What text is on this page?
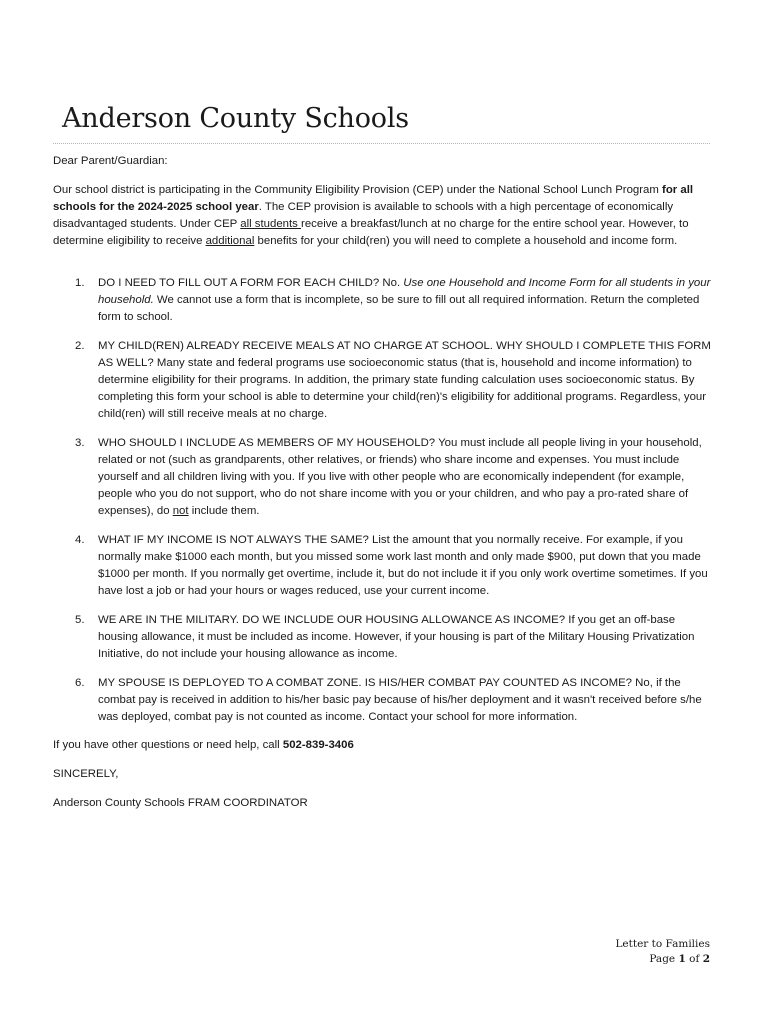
Anderson County Schools
Dear Parent/Guardian:
Our school district is participating in the Community Eligibility Provision (CEP) under the National School Lunch Program for all schools for the 2024-2025 school year. The CEP provision is available to schools with a high percentage of economically disadvantaged students. Under CEP all students receive a breakfast/lunch at no charge for the entire school year. However, to determine eligibility to receive additional benefits for your child(ren) you will need to complete a household and income form.
1. DO I NEED TO FILL OUT A FORM FOR EACH CHILD? No. Use one Household and Income Form for all students in your household. We cannot use a form that is incomplete, so be sure to fill out all required information. Return the completed form to school.
2. MY CHILD(REN) ALREADY RECEIVE MEALS AT NO CHARGE AT SCHOOL. WHY SHOULD I COMPLETE THIS FORM AS WELL? Many state and federal programs use socioeconomic status (that is, household and income information) to determine eligibility for their programs. In addition, the primary state funding calculation uses socioeconomic status. By completing this form your school is able to determine your child(ren)'s eligibility for additional programs. Regardless, your child(ren) will still receive meals at no charge.
3. WHO SHOULD I INCLUDE AS MEMBERS OF MY HOUSEHOLD? You must include all people living in your household, related or not (such as grandparents, other relatives, or friends) who share income and expenses. You must include yourself and all children living with you. If you live with other people who are economically independent (for example, people who you do not support, who do not share income with you or your children, and who pay a pro-rated share of expenses), do not include them.
4. WHAT IF MY INCOME IS NOT ALWAYS THE SAME? List the amount that you normally receive. For example, if you normally make $1000 each month, but you missed some work last month and only made $900, put down that you made $1000 per month. If you normally get overtime, include it, but do not include it if you only work overtime sometimes. If you have lost a job or had your hours or wages reduced, use your current income.
5. WE ARE IN THE MILITARY. DO WE INCLUDE OUR HOUSING ALLOWANCE AS INCOME? If you get an off-base housing allowance, it must be included as income. However, if your housing is part of the Military Housing Privatization Initiative, do not include your housing allowance as income.
6. MY SPOUSE IS DEPLOYED TO A COMBAT ZONE. IS HIS/HER COMBAT PAY COUNTED AS INCOME? No, if the combat pay is received in addition to his/her basic pay because of his/her deployment and it wasn't received before s/he was deployed, combat pay is not counted as income. Contact your school for more information.
If you have other questions or need help, call 502-839-3406
SINCERELY,
Anderson County Schools FRAM COORDINATOR
Letter to Families
Page 1 of 2
